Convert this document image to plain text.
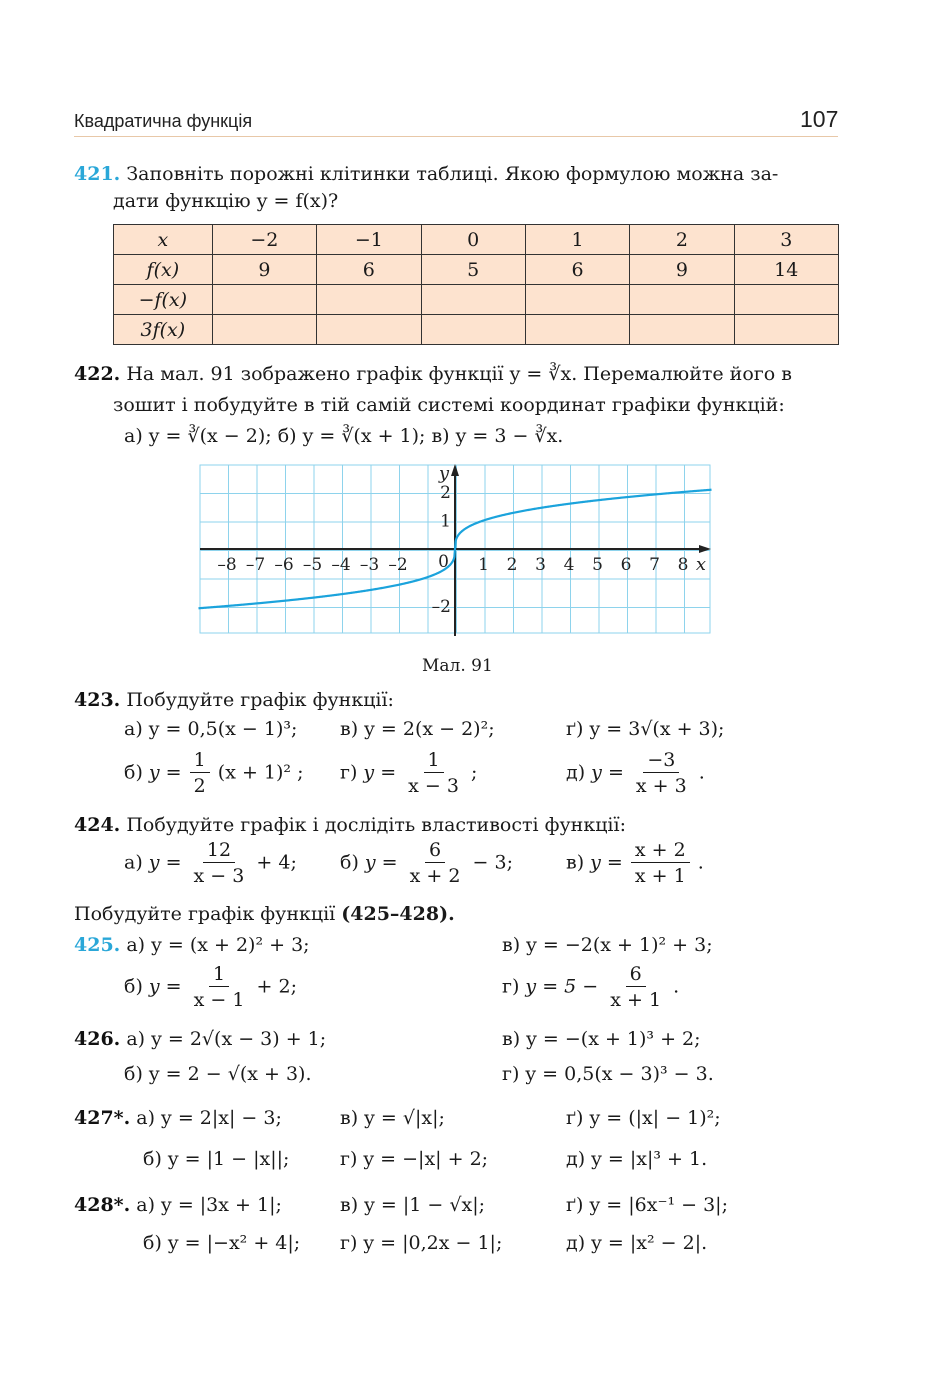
Квадратична функція	107
421. Заповніть порожні клітинки таблиці. Якою формулою можна за-
дати функцію y = f(x)?
x	−2	−1	0	1	2	3
f(x)	9	6	5	6	9	14
−f(x)						
3f(x)						
422. На мал. 91 зображено графік функції y = ∛x. Перемалюйте його в
зошит і побудуйте в тій самій системі координат графіки функцій:
а) y = ∛(x − 2); б) y = ∛(x + 1); в) y = 3 − ∛x.
–8 –7 –6 –5 –4 –3 –2	1 2 3 4 5 6 7 8
2
1
–2
0	x
y
Мал. 91
423. Побудуйте графік функції:
а) y = 0,5(x − 1)³; в) y = 2(x − 2)²;	ґ) y = 3√(x + 3);
б) $y = \frac{1}{2} (x + 1)^2$ ; г) $y = \frac{1}{x - 3}$ ;	д) $y = \frac{-3}{x + 3}$ .
424. Побудуйте графік і дослідіть властивості функції:
а) $y = \frac{12}{x - 3} + 4$; б) $y = \frac{6}{x + 2} - 3$;	в) $y = \frac{x + 2}{x + 1}$ .
Побудуйте графік функції (425–428).
425. а) y = (x + 2)² + 3;	в) y = −2(x + 1)² + 3;
б) $y = \frac{1}{x - 1} + 2$;	г) $y = 5 - \frac{6}{x + 1}$ .
426. а) y = 2√(x − 3) + 1;	в) y = −(x + 1)³ + 2;
б) y = 2 − √(x + 3).	г) y = 0,5(x − 3)³ − 3.
427*. а) y = 2|x| − 3;	в) y = √|x|;	ґ) y = (|x| − 1)²;
б) y = |1 − |x||;	г) y = −|x| + 2;	д) y = |x|³ + 1.
428*. а) y = |3x + 1|;	в) y = |1 − √x|;	ґ) y = |6x⁻¹ − 3|;
б) y = |−x² + 4|; г) y = |0,2x − 1|;	д) y = |x² − 2|.
